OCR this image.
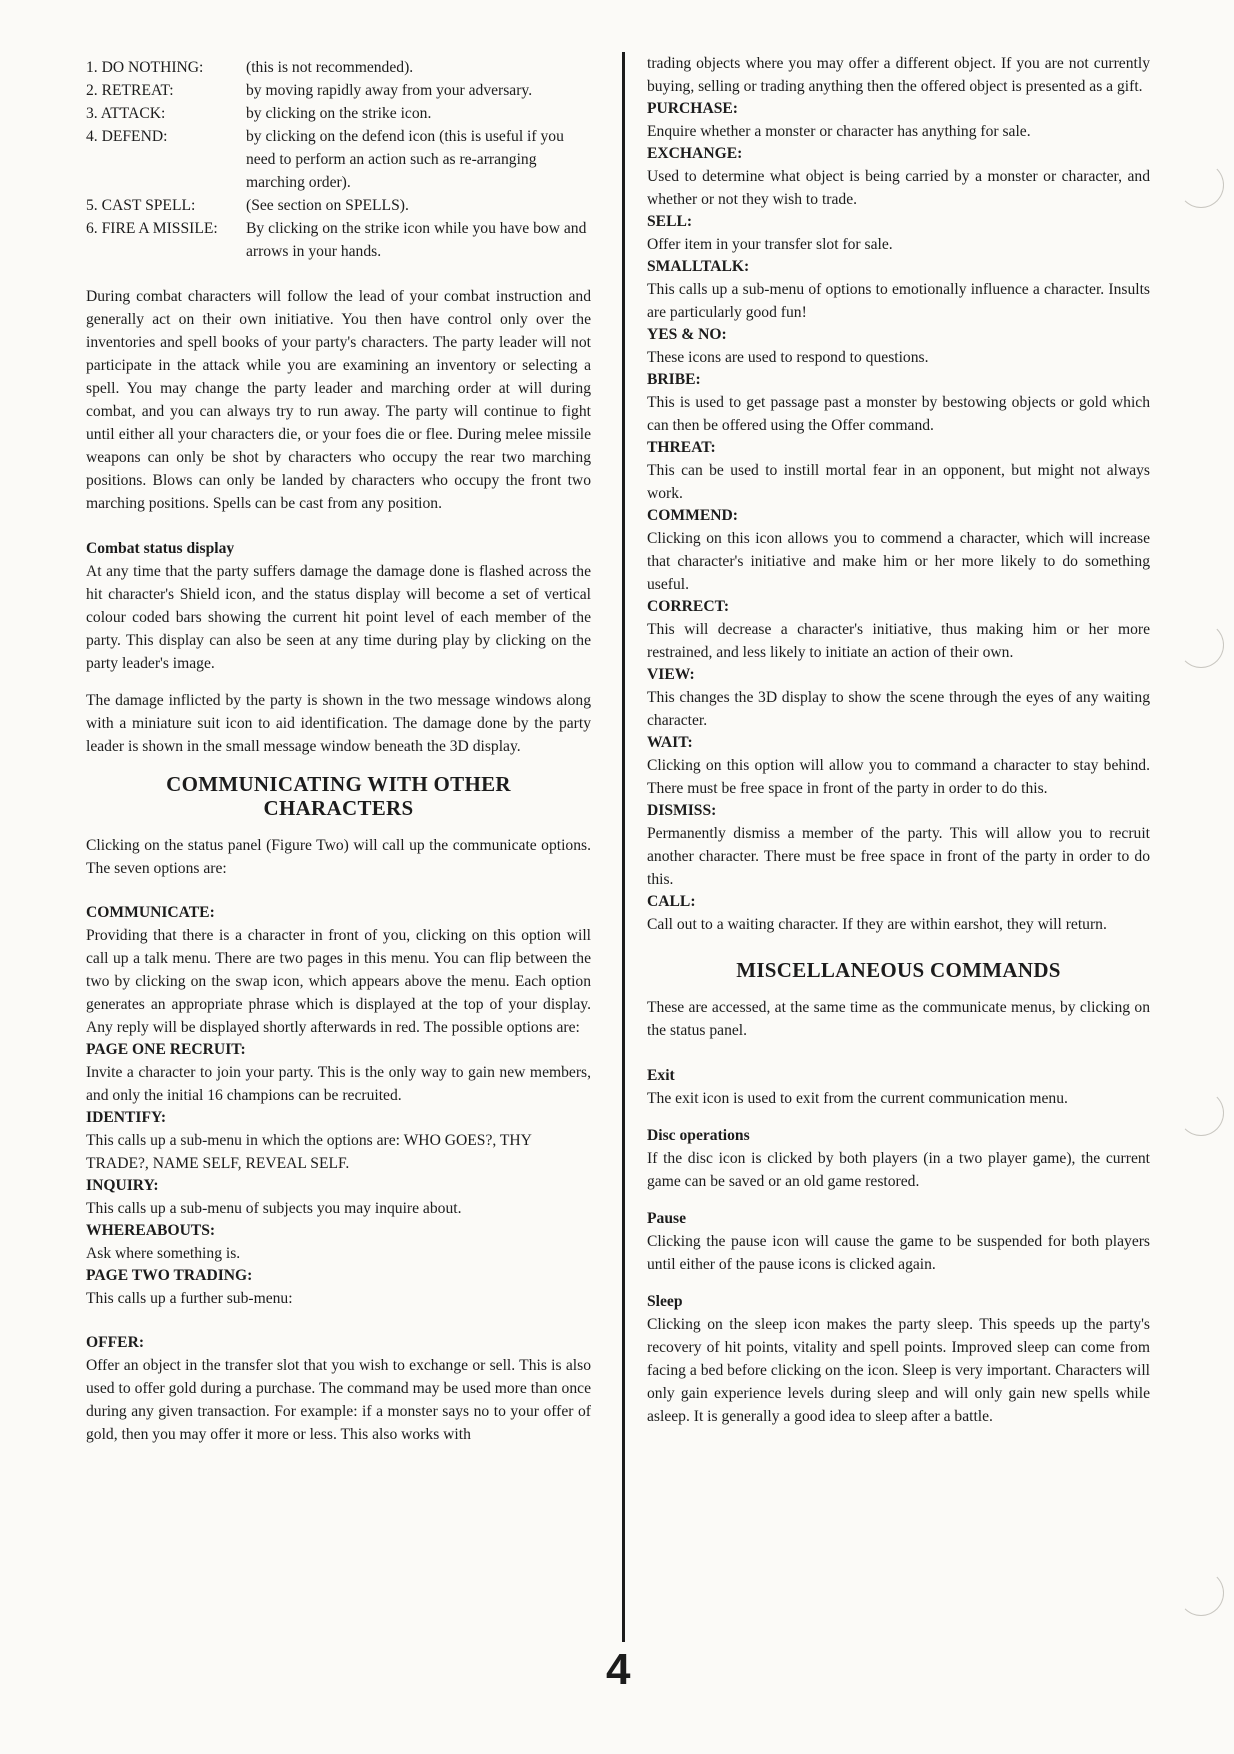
1. DO NOTHING:	(this is not recommended).
2. RETREAT:	by moving rapidly away from your adversary.
3. ATTACK:	by clicking on the strike icon.
4. DEFEND:	by clicking on the defend icon (this is useful if you need to perform an action such as re-arranging marching order).
5. CAST SPELL:	(See section on SPELLS).
6. FIRE A MISSILE:	By clicking on the strike icon while you have bow and arrows in your hands.

During combat characters will follow the lead of your combat instruction and generally act on their own initiative. You then have control only over the inventories and spell books of your party's characters. The party leader will not participate in the attack while you are examining an inventory or selecting a spell. You may change the party leader and marching order at will during combat, and you can always try to run away. The party will continue to fight until either all your characters die, or your foes die or flee. During melee missile weapons can only be shot by characters who occupy the rear two marching positions. Blows can only be landed by characters who occupy the front two marching positions. Spells can be cast from any position.

Combat status display

At any time that the party suffers damage the damage done is flashed across the hit character's Shield icon, and the status display will become a set of vertical colour coded bars showing the current hit point level of each member of the party. This display can also be seen at any time during play by clicking on the party leader's image.

The damage inflicted by the party is shown in the two message windows along with a miniature suit icon to aid identification. The damage done by the party leader is shown in the small message window beneath the 3D display.

COMMUNICATING WITH OTHER
CHARACTERS

Clicking on the status panel (Figure Two) will call up the communicate options. The seven options are:

COMMUNICATE:

Providing that there is a character in front of you, clicking on this option will call up a talk menu. There are two pages in this menu. You can flip between the two by clicking on the swap icon, which appears above the menu. Each option generates an appropriate phrase which is displayed at the top of your display. Any reply will be displayed shortly afterwards in red. The possible options are:

PAGE ONE RECRUIT:

Invite a character to join your party. This is the only way to gain new members, and only the initial 16 champions can be recruited.

IDENTIFY:

This calls up a sub-menu in which the options are: WHO GOES?, THY TRADE?, NAME SELF, REVEAL SELF.

INQUIRY:

This calls up a sub-menu of subjects you may inquire about.

WHEREABOUTS:

Ask where something is.

PAGE TWO TRADING:

This calls up a further sub-menu:

OFFER:

Offer an object in the transfer slot that you wish to exchange or sell. This is also used to offer gold during a purchase. The command may be used more than once during any given transaction. For example: if a monster says no to your offer of gold, then you may offer it more or less. This also works with

trading objects where you may offer a different object. If you are not currently buying, selling or trading anything then the offered object is presented as a gift.

PURCHASE:

Enquire whether a monster or character has anything for sale.

EXCHANGE:

Used to determine what object is being carried by a monster or character, and whether or not they wish to trade.

SELL:

Offer item in your transfer slot for sale.

SMALLTALK:

This calls up a sub-menu of options to emotionally influence a character. Insults are particularly good fun!

YES & NO:

These icons are used to respond to questions.

BRIBE:

This is used to get passage past a monster by bestowing objects or gold which can then be offered using the Offer command.

THREAT:

This can be used to instill mortal fear in an opponent, but might not always work.

COMMEND:

Clicking on this icon allows you to commend a character, which will increase that character's initiative and make him or her more likely to do something useful.

CORRECT:

This will decrease a character's initiative, thus making him or her more restrained, and less likely to initiate an action of their own.

VIEW:

This changes the 3D display to show the scene through the eyes of any waiting character.

WAIT:

Clicking on this option will allow you to command a character to stay behind. There must be free space in front of the party in order to do this.

DISMISS:

Permanently dismiss a member of the party. This will allow you to recruit another character. There must be free space in front of the party in order to do this.

CALL:

Call out to a waiting character. If they are within earshot, they will return.

MISCELLANEOUS COMMANDS

These are accessed, at the same time as the communicate menus, by clicking on the status panel.

Exit

The exit icon is used to exit from the current communication menu.

Disc operations

If the disc icon is clicked by both players (in a two player game), the current game can be saved or an old game restored.

Pause

Clicking the pause icon will cause the game to be suspended for both players until either of the pause icons is clicked again.

Sleep

Clicking on the sleep icon makes the party sleep. This speeds up the party's recovery of hit points, vitality and spell points. Improved sleep can come from facing a bed before clicking on the icon. Sleep is very important. Characters will only gain experience levels during sleep and will only gain new spells while asleep. It is generally a good idea to sleep after a battle.

4
